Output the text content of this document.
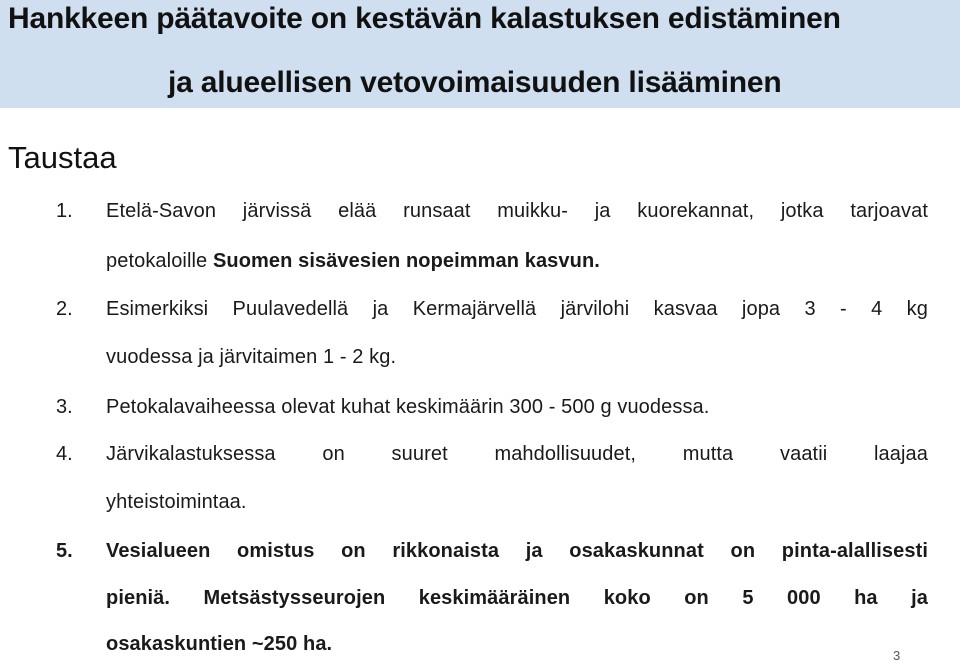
Hankkeen päätavoite on kestävän kalastuksen edistäminen
ja alueellisen vetovoimaisuuden lisääminen
Taustaa
1. Etelä-Savon järvissä elää runsaat muikku- ja kuorekannat, jotka tarjoavat
petokaloille Suomen sisävesien nopeimman kasvun.
2. Esimerkiksi Puulavedellä ja Kermajärvellä järvilohi kasvaa jopa 3 - 4 kg
vuodessa ja järvitaimen 1 - 2 kg.
3. Petokalavaiheessa olevat kuhat keskimäärin 300 - 500 g vuodessa.
4. Järvikalastuksessa on suuret mahdollisuudet, mutta vaatii laajaa
yhteistoimintaa.
5. Vesialueen omistus on rikkonaista ja osakaskunnat on pinta-alallisesti
pieniä. Metsästysseurojen keskimääräinen koko on 5 000 ha ja
osakaskuntien ~250 ha.
3
